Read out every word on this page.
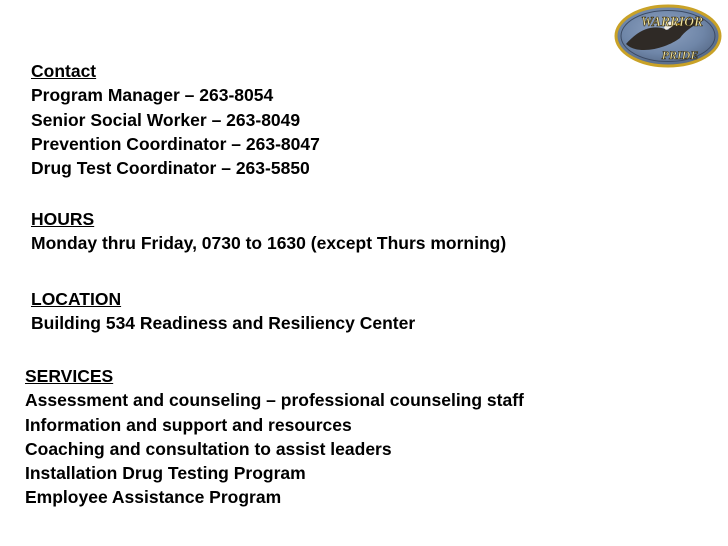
WARRIOR
PRIDE
Contact
Program Manager – 263-8054
Senior Social Worker – 263-8049
Prevention Coordinator – 263-8047
Drug Test Coordinator – 263-5850
HOURS
Monday thru Friday, 0730 to 1630 (except Thurs morning)
LOCATION
Building 534 Readiness and Resiliency Center
SERVICES
Assessment and counseling – professional counseling staff
Information and support and resources
Coaching and consultation to assist leaders
Installation Drug Testing Program
Employee Assistance Program
